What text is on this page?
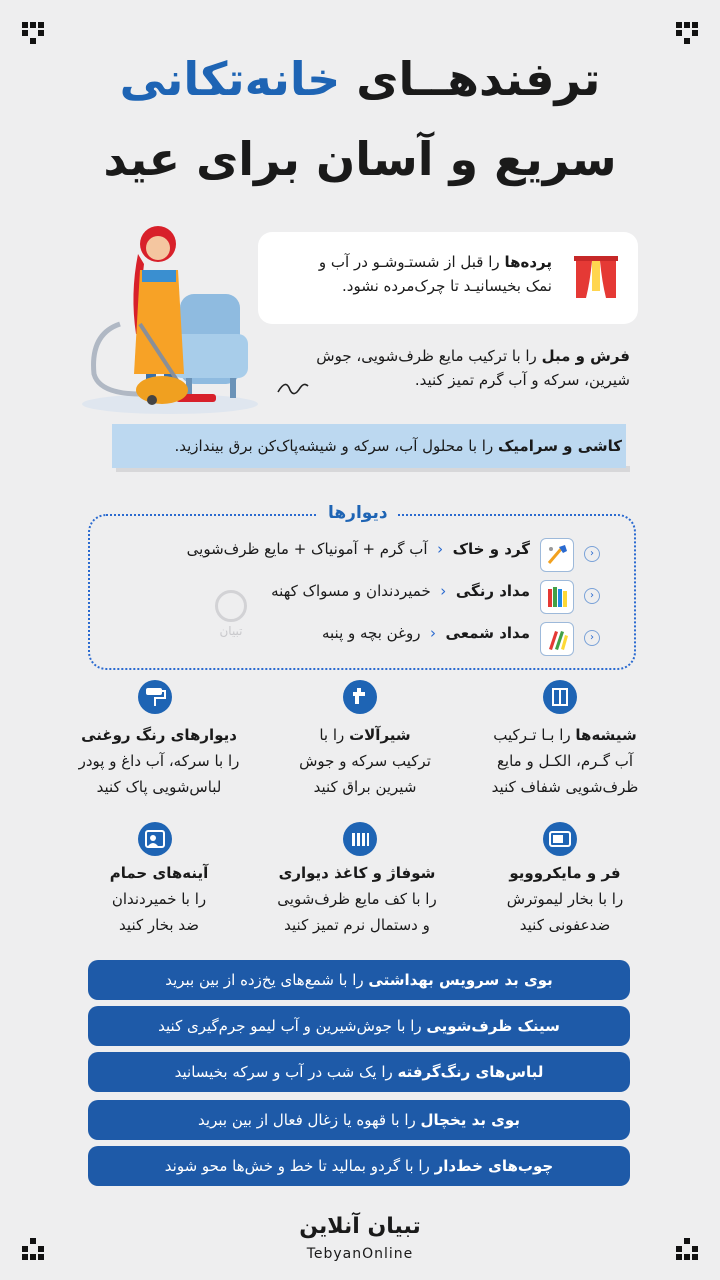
ترفندهــای خانه‌تکانی
سریع و آسان برای عید
پرده‌ها را قبل از شستـ‌وشـو در آب و
نمک بخیسانیـد تا چرک‌مرده نشود.
فرش و مبل را با ترکیب مایع ظرف‌شویی، جوش
شیرین، سرکه و آب گرم تمیز کنید.
کاشی و سرامیک را با محلول آب، سرکه و شیشه‌پاک‌کن برق بیندازید.
دیوارها
تبیان
›
گرد و خاک  ‹  آب گرم + آمونیاک + مایع ظرف‌شویی
›
مداد رنگی  ‹  خمیردندان و مسواک کهنه
›
مداد شمعی  ‹  روغن بچه و پنبه
شیشه‌ها را بـا تـرکیب
آب گـرم، الکـل و مایع
ظرف‌شویی شفاف کنید
شیرآلات را با
ترکیب سرکه و جوش
شیرین براق کنید
دیوارهای رنگ روغنی
را با سرکه، آب داغ و پودر
لباس‌شویی پاک کنید
فر و مایکروویو
را با بخار لیموترش
ضدعفونی کنید
شوفاژ و کاغذ دیواری
را با کف مایع ظرف‌شویی
و دستمال نرم تمیز کنید
آینه‌های حمام
را با خمیردندان
ضد بخار کنید
بوی بد سرویس بهداشتی را با شمع‌های یخ‌زده از بین ببرید
سینک ظرف‌شویی را با جوش‌شیرین و آب لیمو جرم‌گیری کنید
لباس‌های رنگ‌گرفته را یک شب در آب و سرکه بخیسانید
بوی بد یخچال را با قهوه یا زغال فعال از بین ببرید
چوب‌های خط‌دار را با گردو بمالید تا خط و خش‌ها محو شوند
تبیان آنلاین
TebyanOnline
